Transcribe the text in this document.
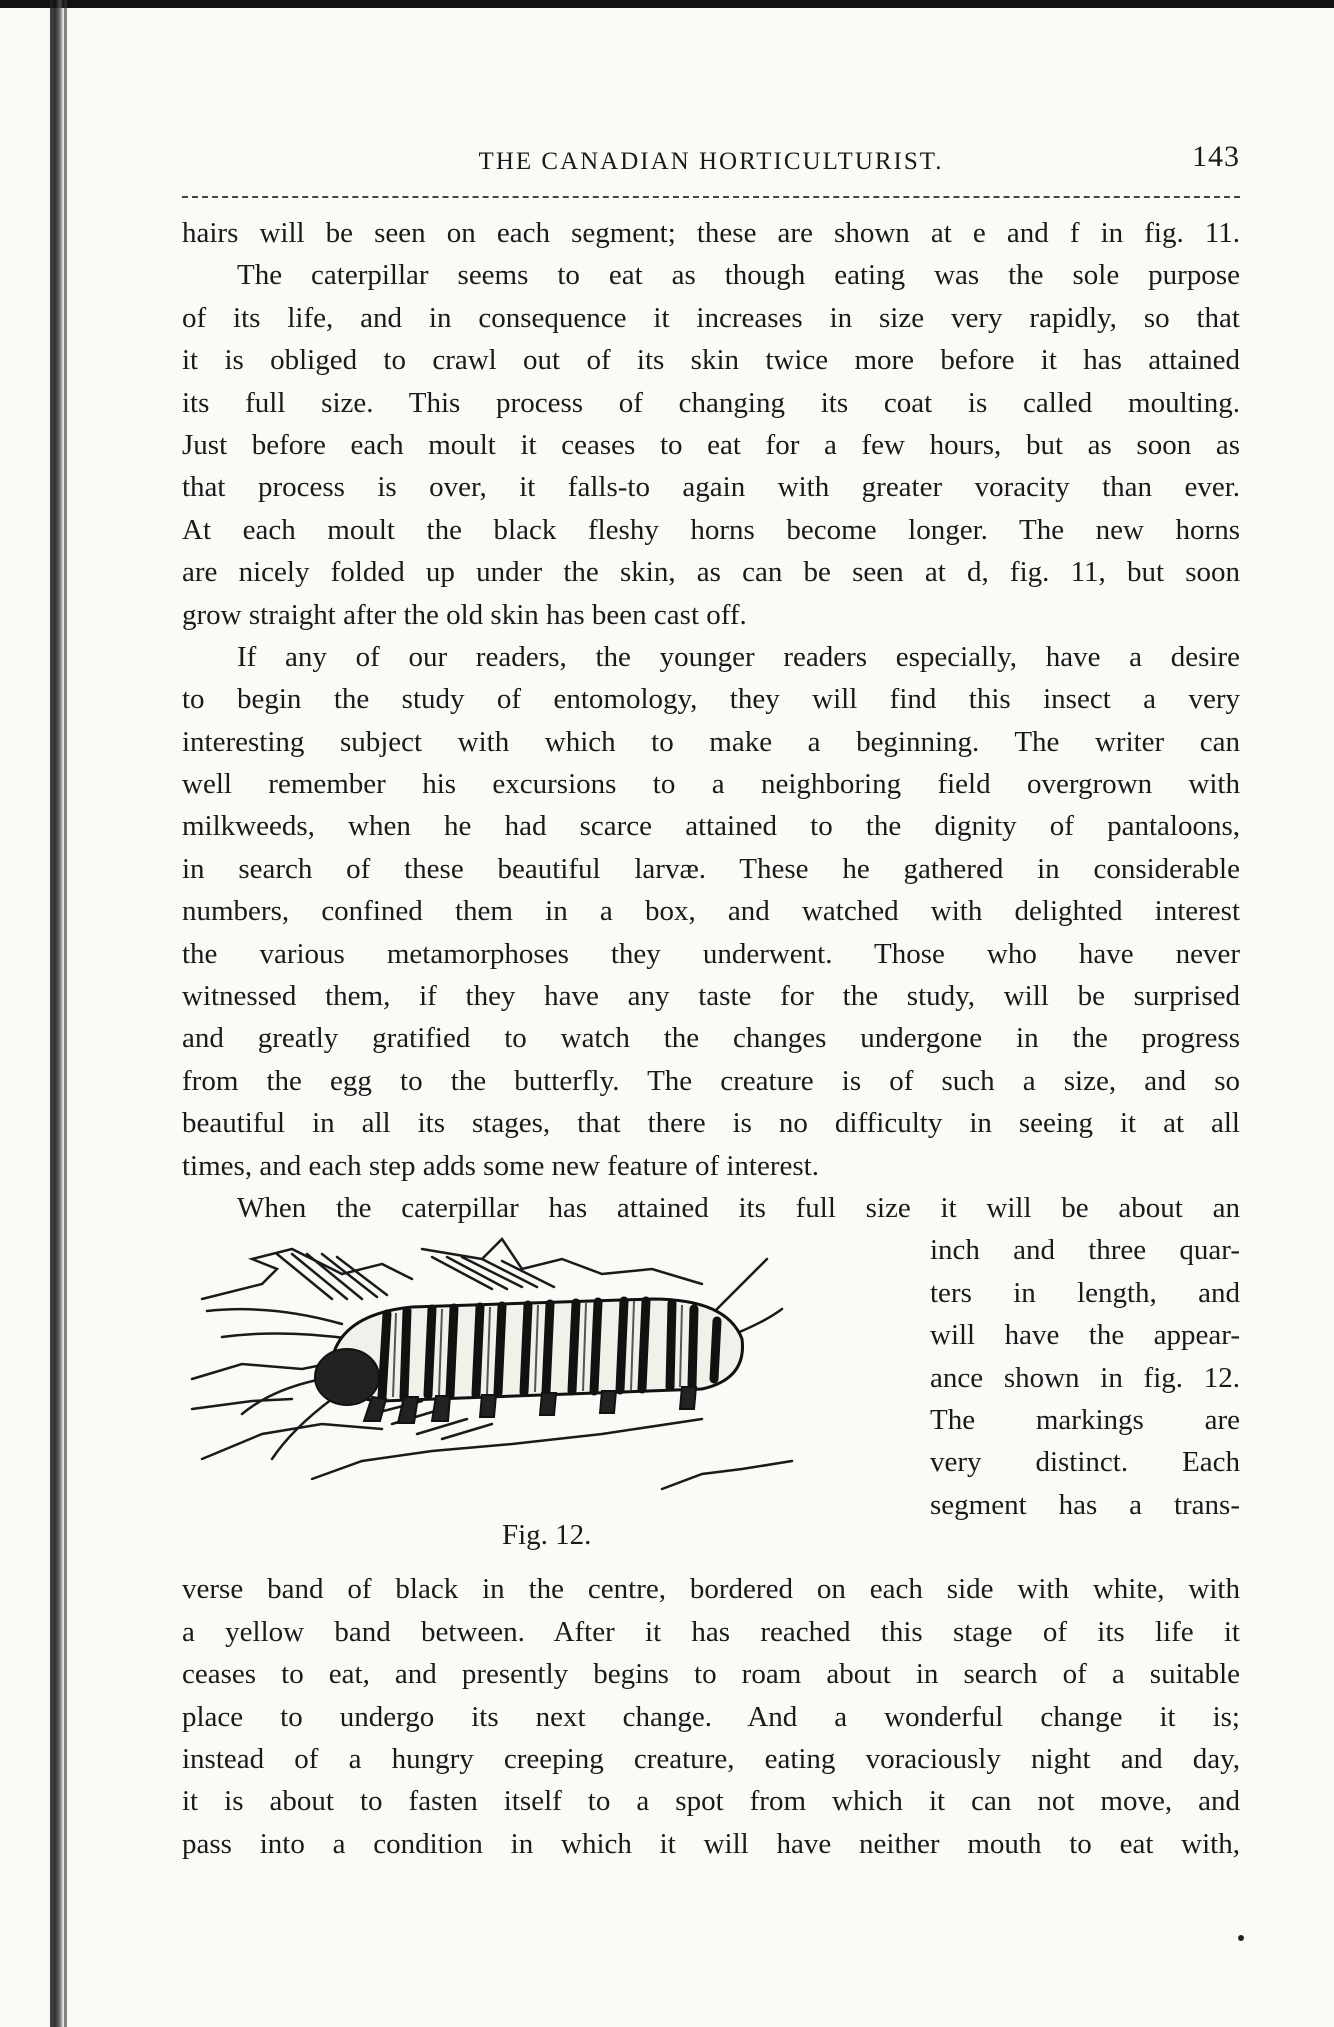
THE CANADIAN HORTICULTURIST.	143
hairs will be seen on each segment; these are shown at e and f in fig. 11.
The caterpillar seems to eat as though eating was the sole purpose
of its life, and in consequence it increases in size very rapidly, so that
it is obliged to crawl out of its skin twice more before it has attained
its full size. This process of changing its coat is called moulting.
Just before each moult it ceases to eat for a few hours, but as soon as
that process is over, it falls-to again with greater voracity than ever.
At each moult the black fleshy horns become longer. The new horns
are nicely folded up under the skin, as can be seen at d, fig. 11, but soon
grow straight after the old skin has been cast off.
If any of our readers, the younger readers especially, have a desire
to begin the study of entomology, they will find this insect a very
interesting subject with which to make a beginning. The writer can
well remember his excursions to a neighboring field overgrown with
milkweeds, when he had scarce attained to the dignity of pantaloons,
in search of these beautiful larvæ. These he gathered in considerable
numbers, confined them in a box, and watched with delighted interest
the various metamorphoses they underwent. Those who have never
witnessed them, if they have any taste for the study, will be surprised
and greatly gratified to watch the changes undergone in the progress
from the egg to the butterfly. The creature is of such a size, and so
beautiful in all its stages, that there is no difficulty in seeing it at all
times, and each step adds some new feature of interest.
When the caterpillar has attained its full size it will be about an
Fig. 12.
inch and three quar-
ters in length, and
will have the appear-
ance shown in fig. 12.
The markings are
very distinct. Each
segment has a trans-
verse band of black in the centre, bordered on each side with white, with
a yellow band between. After it has reached this stage of its life it
ceases to eat, and presently begins to roam about in search of a suitable
place to undergo its next change. And a wonderful change it is;
instead of a hungry creeping creature, eating voraciously night and day,
it is about to fasten itself to a spot from which it can not move, and
pass into a condition in which it will have neither mouth to eat with,
